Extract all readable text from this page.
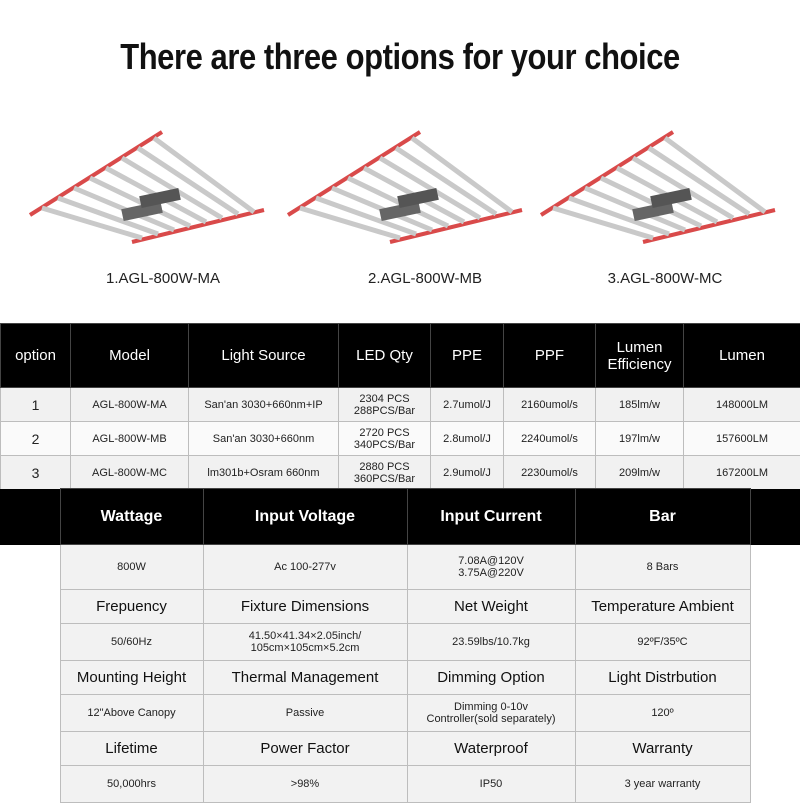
There are three options for your choice
1.AGL-800W-MA	2.AGL-800W-MB	3.AGL-800W-MC
option	Model	Light Source	LED Qty	PPE	PPF	Lumen Efficiency	Lumen
1	AGL-800W-MA	San'an 3030+660nm+IP	2304 PCS
288PCS/Bar	2.7umol/J	2160umol/s	185lm/w	148000LM
2	AGL-800W-MB	San'an 3030+660nm	2720 PCS
340PCS/Bar	2.8umol/J	2240umol/s	197lm/w	157600LM
3	AGL-800W-MC	lm301b+Osram 660nm	2880 PCS
360PCS/Bar	2.9umol/J	2230umol/s	209lm/w	167200LM
	Wattage	Input Voltage	Input Current	Bar	
	800W	Ac 100-277v	7.08A@120V
3.75A@220V	8 Bars	
	Frepuency	Fixture Dimensions	Net Weight	Temperature Ambient	
	50/60Hz	41.50×41.34×2.05inch/
105cm×105cm×5.2cm	23.59lbs/10.7kg	92ºF/35ºC	
	Mounting Height	Thermal Management	Dimming Option	Light Distrbution	
	12"Above Canopy	Passive	Dimming 0-10v
Controller(sold separately)	120º	
	Lifetime	Power Factor	Waterproof	Warranty	
	50,000hrs	>98%	IP50	3 year warranty	
